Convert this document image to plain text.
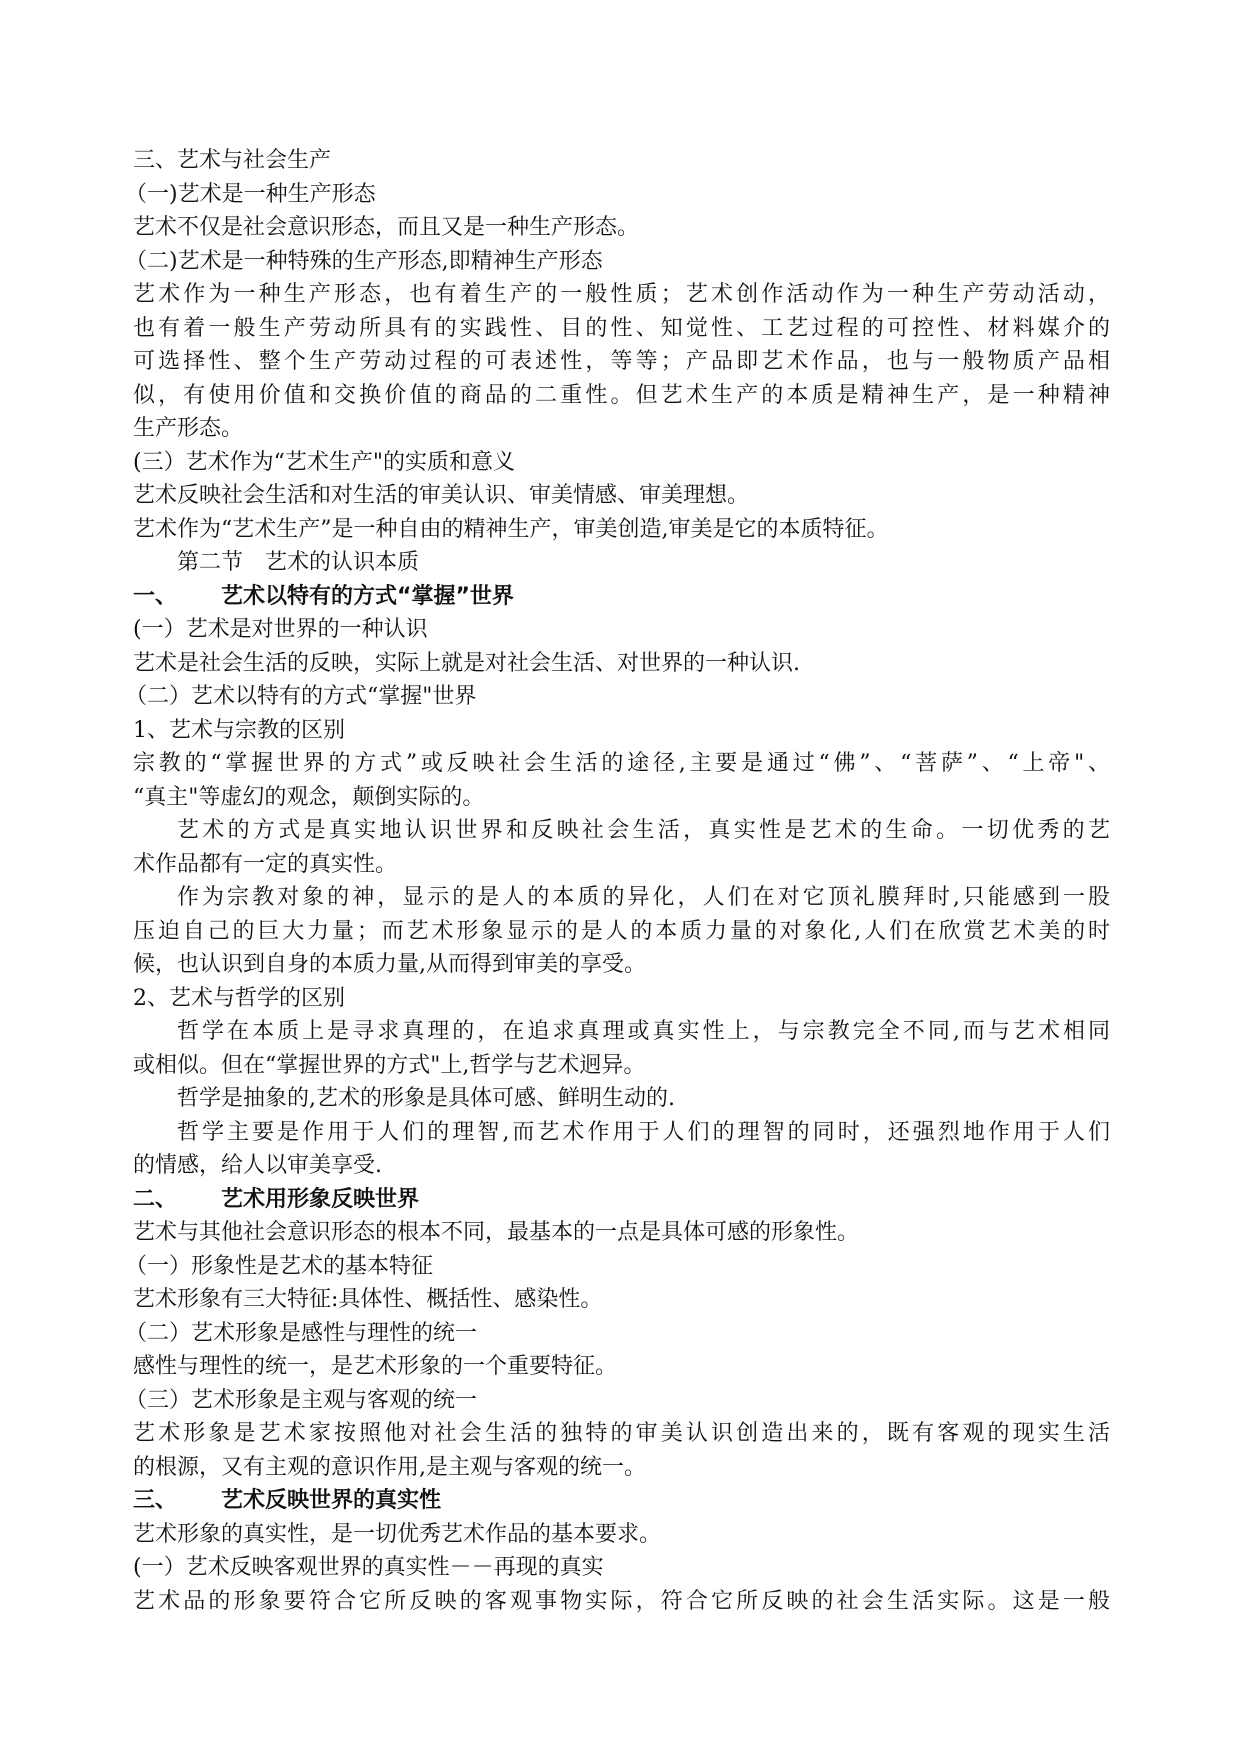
三、艺术与社会生产
（一)艺术是一种生产形态
艺术不仅是社会意识形态，而且又是一种生产形态。
（二)艺术是一种特殊的生产形态,即精神生产形态
艺术作为一种生产形态，也有着生产的一般性质；艺术创作活动作为一种生产劳动活动，
也有着一般生产劳动所具有的实践性、目的性、知觉性、工艺过程的可控性、材料媒介的
可选择性、整个生产劳动过程的可表述性，等等；产品即艺术作品，也与一般物质产品相
似，有使用价值和交换价值的商品的二重性。但艺术生产的本质是精神生产，是一种精神
生产形态。
(三）艺术作为“艺术生产"的实质和意义
艺术反映社会生活和对生活的审美认识、审美情感、审美理想。
艺术作为“艺术生产”是一种自由的精神生产，审美创造,审美是它的本质特征。
第二节 艺术的认识本质
一、 艺术以特有的方式“掌握”世界
(一）艺术是对世界的一种认识
艺术是社会生活的反映，实际上就是对社会生活、对世界的一种认识.
（二）艺术以特有的方式“掌握"世界
1、艺术与宗教的区别
宗教的“掌握世界的方式”或反映社会生活的途径,主要是通过“佛”、“菩萨”、“上帝"、
“真主"等虚幻的观念，颠倒实际的。
艺术的方式是真实地认识世界和反映社会生活，真实性是艺术的生命。一切优秀的艺
术作品都有一定的真实性。
作为宗教对象的神，显示的是人的本质的异化，人们在对它顶礼膜拜时,只能感到一股
压迫自己的巨大力量；而艺术形象显示的是人的本质力量的对象化,人们在欣赏艺术美的时
候，也认识到自身的本质力量,从而得到审美的享受。
2、艺术与哲学的区别
哲学在本质上是寻求真理的，在追求真理或真实性上，与宗教完全不同,而与艺术相同
或相似。但在“掌握世界的方式"上,哲学与艺术迥异。
哲学是抽象的,艺术的形象是具体可感、鲜明生动的.
哲学主要是作用于人们的理智,而艺术作用于人们的理智的同时，还强烈地作用于人们
的情感，给人以审美享受.
二、 艺术用形象反映世界
艺术与其他社会意识形态的根本不同，最基本的一点是具体可感的形象性。
（一）形象性是艺术的基本特征
艺术形象有三大特征:具体性、概括性、感染性。
（二）艺术形象是感性与理性的统一
感性与理性的统一，是艺术形象的一个重要特征。
（三）艺术形象是主观与客观的统一
艺术形象是艺术家按照他对社会生活的独特的审美认识创造出来的，既有客观的现实生活
的根源，又有主观的意识作用,是主观与客观的统一。
三、 艺术反映世界的真实性
艺术形象的真实性，是一切优秀艺术作品的基本要求。
(一）艺术反映客观世界的真实性－－再现的真实
艺术品的形象要符合它所反映的客观事物实际，符合它所反映的社会生活实际。这是一般
